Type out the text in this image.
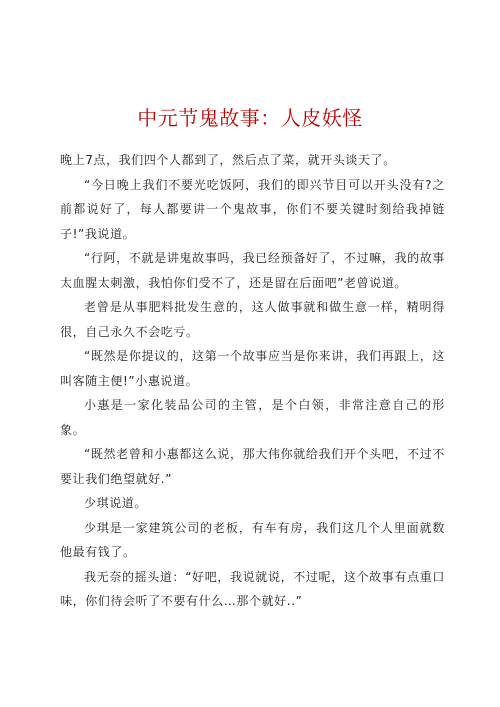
中元节鬼故事：人皮妖怪

晚上7点，我们四个人都到了，然后点了菜，就开头谈天了。

“今日晚上我们不要光吃饭阿，我们的即兴节目可以开头没有?之前都说好了，每人都要讲一个鬼故事，你们不要关键时刻给我掉链子!”我说道。

“行阿，不就是讲鬼故事吗，我已经预备好了，不过嘛，我的故事太血腥太刺激，我怕你们受不了，还是留在后面吧”老曾说道。

老曾是从事肥料批发生意的，这人做事就和做生意一样，精明得很，自己永久不会吃亏。

“既然是你提议的，这第一个故事应当是你来讲，我们再跟上，这叫客随主便!”小惠说道。

小惠是一家化装品公司的主管，是个白领，非常注意自己的形象。

“既然老曾和小惠都这么说，那大伟你就给我们开个头吧，不过不要让我们绝望就好.”

少琪说道。

少琪是一家建筑公司的老板，有车有房，我们这几个人里面就数他最有钱了。

我无奈的摇头道：“好吧，我说就说，不过呢，这个故事有点重口味，你们待会听了不要有什么…那个就好..”
